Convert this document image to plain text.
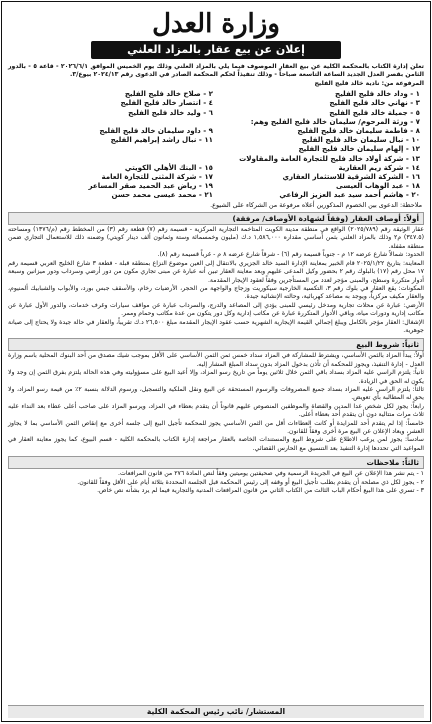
وزارة العدل
إعلان عن بيع عقار بالمزاد العلني

تعلن إدارة الكتاب بالمحكمة الكلية عن بيع العقار الموصوف فيما يلي بالمزاد العلني وذلك يوم الخميس الموافق ٢٠٢٦/٦/١ - قاعة ٥ - بالدور الثامن بقصر العدل الجديد الساعة التاسعة صباحاً - وذلك تنفيذاً لحكم المحكمة الصادر في الدعوى رقم ٢٠٢٤/١٣ بيوع/٣.

المرفوعة من: نادية خالد فليج الفليج

١ - وداد خالد فليج الفليج
٢ - صلاح خالد فليج الفليج
٣ - نهاني خالد فليج الفليج
٤ - انتصار خالد فليج الفليج
٥ - جميلة خالد فليج الفليج
٦ - وليد خالد فليج الفليج
٧ - ورثة المرحوم/ سليمان خالد فليج الفليج وهم:
٨ - فاطمة سليمان خالد فليج الفليج
٩ - داود سليمان خالد فليج الفليج
١٠ - نبال سليمان خالد فليج الفليج
١١ - نبال راشد إبراهيم الفليج
١٢ - إلهام سليمان خالد فليج الفليج
١٣ - شركة أولاد خالد فليج للتجارة العامة والمقاولات
١٤ - شركة ريم العقارية
١٥ - البنك الأهلي الكويتي
١٦ - الشركة الشرقية للاستثمار العقاري
١٧ - شركة المثنى للتجارة العامة
١٨ - عبد الوهاب العيسى
١٩ - رياض عبد الحميد صقر المساعر
٢٠ - هاشم أحمد سيد عبد العزيز الرفاعي
٢١ - محمد عيسى محمد حسن

ملاحظة: الدعوى بين الخصوم المذكورين أعلاه مرفوعة من الشركاء على الشيوع.

أولاً: أوصاف العقار (وفقاً لشهادة الأوصاف/ مرفقة)

عقار الوثيقة رقم (٢٠٢٥/٧٨٩) الواقع في منطقة مدينة الكويت المتاخمة التجارية المركزية - قسيمة رقم (٧) قطعة رقم (٣) من المخطط رقم (م/١٣٧٦) ومساحته (٣٤٧.٥) م٢ وذلك بالمزاد العلني بثمن أساسي مقداره ١,٥٨٦,٠٠٠ د.ك (مليون وخمسمائة وستة وثمانون ألف دينار كويتي) وضمنه ذلك للاستعمال التجاري ضمن منطقة مقفلة.

الحدود: شمالاً شارع عرضه ١٢ م - جنوباً قسيمة رقم (٦) - شرقاً شارع عرضه ٨ م - غرباً قسيمة رقم (٨).

المعاينة: بتاريخ ٢٠٢٥/١/٢٢ قام الخبير بمعاينة الإدارة السيد خالد الجزيري بالانتقال إلى العين موضوع النزاع بمنطقة قبلة - قطعة ٣ شارع الخليج العربي قسيمة رقم ١٧ محل رقم (١٧) بالبلوك رقم ٢ بحضور وكيل المدعى عليهم وبعد معاينة العقار تبين أنه عبارة عن مبنى تجاري مكون من دور أرضي وسرداب ودور ميزانين وسبعة أدوار متكررة وسطح، والمبنى مؤجر لعدد من المستأجرين وفقاً لعقود الإيجار المقدمة.

المكونات: يقع العقار في بلوك رقم ٣، التكسية الخارجية سيكوريت وزجاج والواجهة من الحجر، الأرضيات رخام، والأسقف جبس بورد، والأبواب والشبابيك ألمنيوم، والعقار مكيف مركزياً، ويوجد به مصاعد كهربائية، وحالته الإنشائية جيدة.

الأرضي: عبارة عن محلات تجارية ومدخل رئيسي للمبنى يؤدي إلى المصاعد والدرج، والسرداب عبارة عن مواقف سيارات وغرف خدمات، والدور الأول عبارة عن مكاتب إدارية ودورات مياه، وباقي الأدوار المتكررة عبارة عن مكاتب إدارية وكل دور يتكون من عدة مكاتب وحمام وممر.

الإشغال: العقار مؤجر بالكامل ويبلغ إجمالي القيمة الإيجارية الشهرية حسب عقود الإيجار المقدمة مبلغ ٢٦,٥٠٠ د.ك تقريباً، والعقار في حالة جيدة ولا يحتاج إلى صيانة جوهرية.

ثانياً: شروط البيع

أولاً: يبدأ المزاد بالثمن الأساسي، ويشترط للمشاركة في المزاد سداد خمس ثمن الثمن الأساسي على الأقل بموجب شيك مصدق من أحد البنوك المحلية باسم وزارة العدل - إدارة التنفيذ، ويجوز للمحكمة أن تأذن بدخول المزاد بدون سداد المبلغ المشار إليه.

ثانياً: يلتزم الراسي عليه المزاد بسداد باقي الثمن خلال ثلاثين يوماً من تاريخ رسو المزاد، وإلا أعيد البيع على مسؤوليته وفي هذه الحالة يلتزم بفرق الثمن إن وجد ولا يكون له الحق في الزيادة.

ثالثاً: يلتزم الراسي عليه المزاد بسداد جميع المصروفات والرسوم المستحقة عن البيع ونقل الملكية والتسجيل، ورسوم الدلالة بنسبة ٢٪ من قيمة رسو المزاد، ولا يحق له المطالبة بأي تعويض.

رابعاً: يجوز لكل شخص عدا المدين والقضاة والموظفين المنصوص عليهم قانوناً أن يتقدم بعطاء في المزاد، ويرسو المزاد على صاحب أعلى عطاء بعد النداء عليه ثلاث مرات متتالية دون أن يتقدم أحد بعطاء أعلى.

خامساً: إذا لم يتقدم أحد للمزايدة أو كانت العطاءات أقل من الثمن الأساسي يجوز للمحكمة تأجيل البيع إلى جلسة أخرى مع إنقاص الثمن الأساسي بما لا يجاوز العشر، ويعاد الإعلان عن البيع مرة أخرى وفقاً للقانون.

سادساً: يجوز لمن يرغب الاطلاع على شروط البيع والمستندات الخاصة بالعقار مراجعة إدارة الكتاب بالمحكمة الكلية - قسم البيوع، كما يجوز معاينة العقار في المواعيد التي تحددها إدارة التنفيذ بعد التنسيق مع الحارس القضائي.

ثالثاً: ملاحظات

١ - يتم نشر هذا الإعلان عن البيع في الجريدة الرسمية وفي صحيفتين يوميتين وفقاً لنص المادة ٢٧٦ من قانون المرافعات.

٢ - يجوز لكل ذي مصلحة أن يتقدم بطلب تأجيل البيع أو وقفه إلى رئيس المحكمة قبل الجلسة المحددة بثلاثة أيام على الأقل وفقاً للقانون.

٣ - تسري على هذا البيع أحكام الباب الثالث من الكتاب الثاني من قانون المرافعات المدنية والتجارية فيما لم يرد بشأنه نص خاص.

المستشار/ نائب رئيس المحكمة الكلية
